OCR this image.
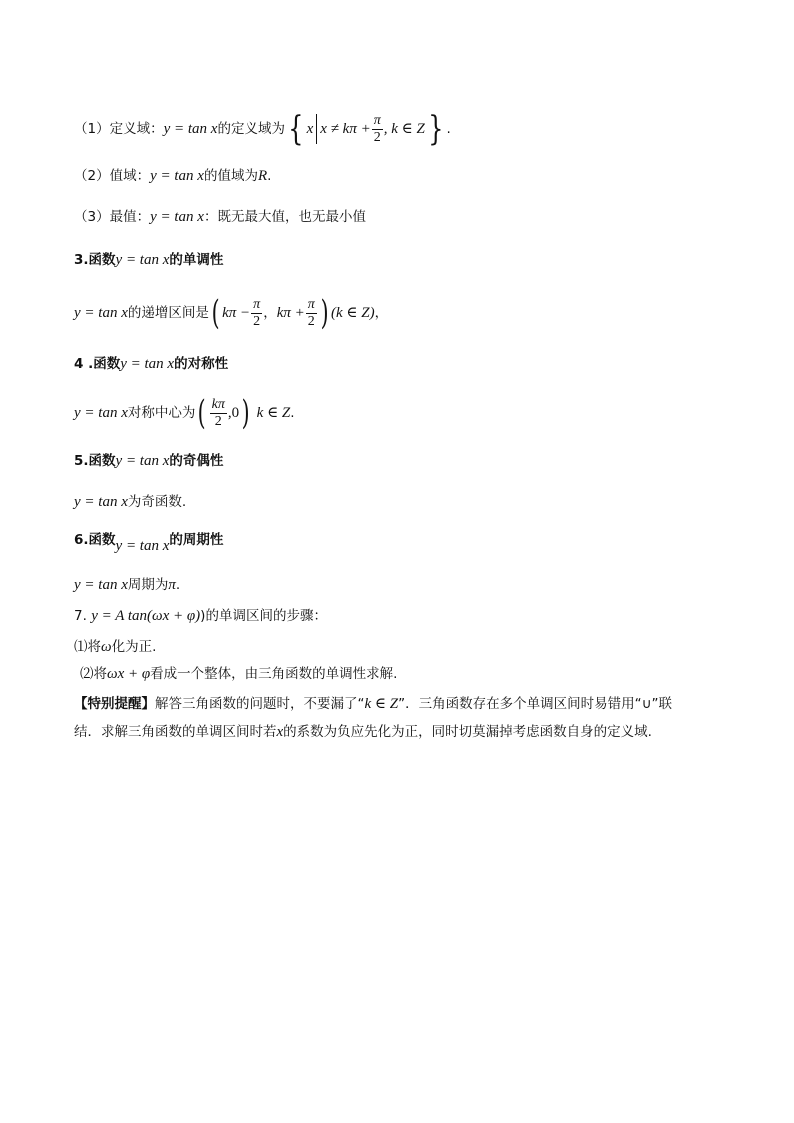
（1）定义域：y = tan x的定义域为{ x $x \ne k\pi + \frac{\pi}{2}$ , k ∈ Z} .
（2）值域：y = tan x的值域为R.
（3）最值：y = tan x：既无最大值，也无最小值
3.函数y = tan x的单调性
y = tan x的递增区间是( $k\pi - \frac{\pi}{2}$ ，$k\pi + \frac{\pi}{2}$ ) (k ∈ Z)，
4 .函数y = tan x的对称性
y = tan x对称中心为( $\frac{k\pi}{2} ,0$) k ∈ Z.
5.函数y = tan x的奇偶性
y = tan x为奇函数.
6.函数y = tan x的周期性
y = tan x周期为π.
7. y = A tan(ωx + φ))的单调区间的步骤：
⑴将ω化为正.
⑵将ωx + φ看成一个整体，由三角函数的单调性求解.
【特别提醒】解答三角函数的问题时，不要漏了“k ∈ Z”．三角函数存在多个单调区间时易错用“∪”联
结．求解三角函数的单调区间时若x的系数为负应先化为正，同时切莫漏掉考虑函数自身的定义域.
